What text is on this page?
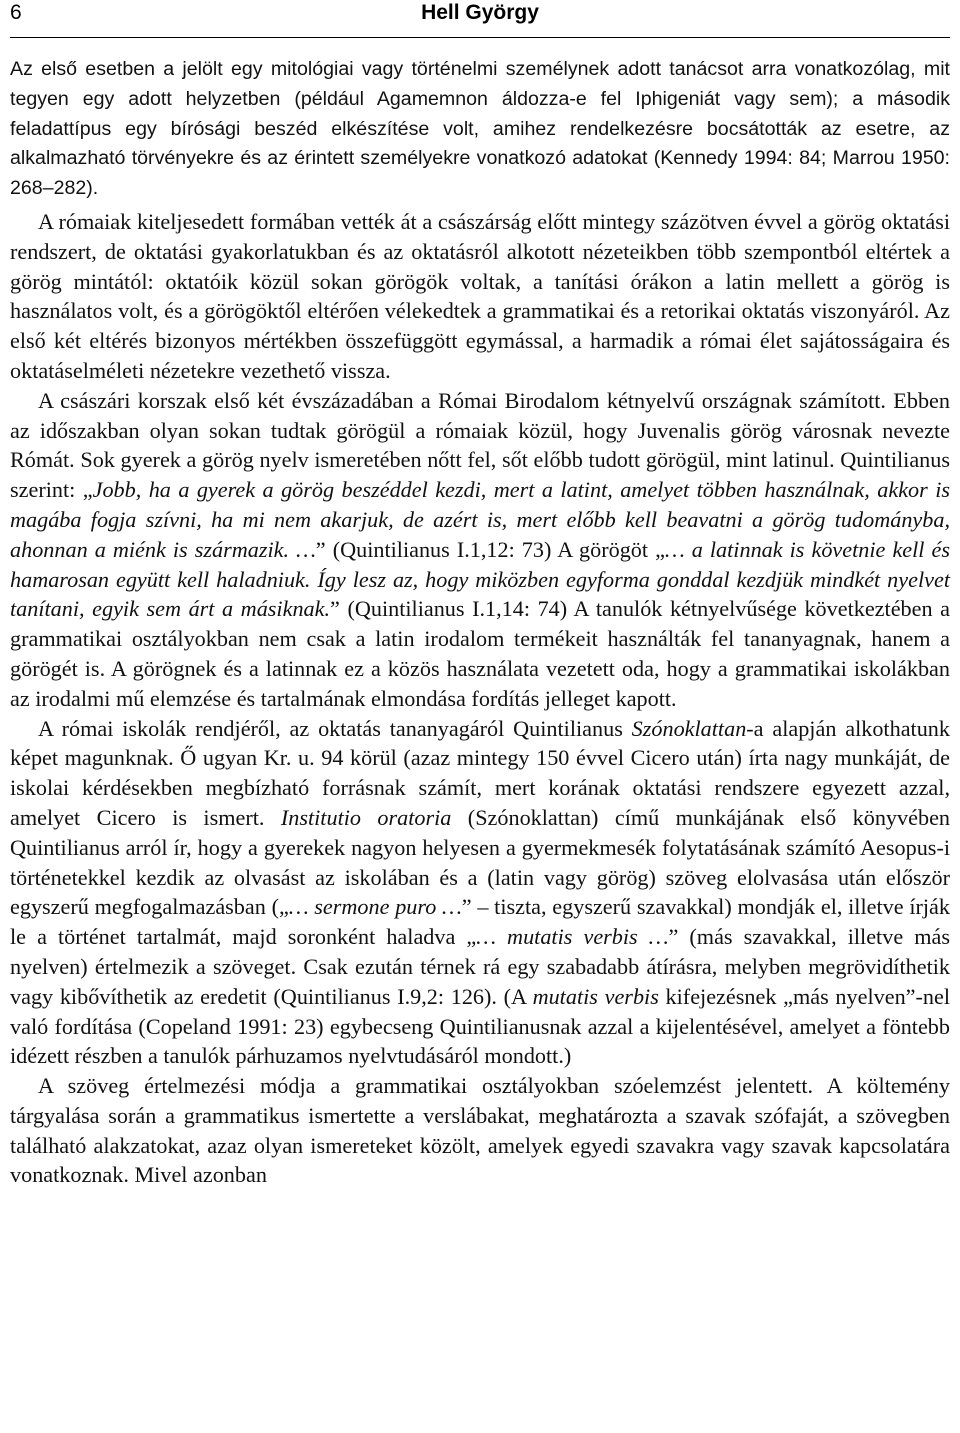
6	Hell György

Az első esetben a jelölt egy mitológiai vagy történelmi személynek adott tanácsot arra vonatkozólag, mit tegyen egy adott helyzetben (például Agamemnon áldozza-e fel Iphigeniát vagy sem); a második feladattípus egy bírósági beszéd elkészítése volt, amihez rendelkezésre bocsátották az esetre, az alkalmazható törvényekre és az érintett személyekre vonatkozó adatokat (Kennedy 1994: 84; Marrou 1950: 268–282).

A rómaiak kiteljesedett formában vették át a császárság előtt mintegy százötven évvel a görög oktatási rendszert, de oktatási gyakorlatukban és az oktatásról alkotott nézeteikben több szempontból eltértek a görög mintától: oktatóik közül sokan görögök voltak, a tanítási órákon a latin mellett a görög is használatos volt, és a görögöktől eltérően vélekedtek a grammatikai és a retorikai oktatás viszonyáról. Az első két eltérés bizonyos mértékben összefüggött egymással, a harmadik a római élet sajátosságaira és oktatáselméleti nézetekre vezethető vissza.

A császári korszak első két évszázadában a Római Birodalom kétnyelvű országnak számított. Ebben az időszakban olyan sokan tudtak görögül a rómaiak közül, hogy Juvenalis görög városnak nevezte Rómát. Sok gyerek a görög nyelv ismeretében nőtt fel, sőt előbb tudott görögül, mint latinul. Quintilianus szerint: „Jobb, ha a gyerek a görög beszéddel kezdi, mert a latint, amelyet többen használnak, akkor is magába fogja szívni, ha mi nem akarjuk, de azért is, mert előbb kell beavatni a görög tudományba, ahonnan a miénk is származik. …” (Quintilianus I.1,12: 73) A görögöt „… a latinnak is követnie kell és hamarosan együtt kell haladniuk. Így lesz az, hogy miközben egyforma gonddal kezdjük mindkét nyelvet tanítani, egyik sem árt a másiknak.” (Quintilianus I.1,14: 74) A tanulók kétnyelvűsége következtében a grammatikai osztályokban nem csak a latin irodalom termékeit használták fel tananyagnak, hanem a görögét is. A görögnek és a latinnak ez a közös használata vezetett oda, hogy a grammatikai iskolákban az irodalmi mű elemzése és tartalmának elmondása fordítás jelleget kapott.

A római iskolák rendjéről, az oktatás tananyagáról Quintilianus Szónoklattan-a alapján alkothatunk képet magunknak. Ő ugyan Kr. u. 94 körül (azaz mintegy 150 évvel Cicero után) írta nagy munkáját, de iskolai kérdésekben megbízható forrásnak számít, mert korának oktatási rendszere egyezett azzal, amelyet Cicero is ismert. Institutio oratoria (Szónoklattan) című munkájának első könyvében Quintilianus arról ír, hogy a gyerekek nagyon helyesen a gyermekmesék folytatásának számító Aesopus-i történetekkel kezdik az olvasást az iskolában és a (latin vagy görög) szöveg elolvasása után először egyszerű megfogalmazásban („… sermone puro …” – tiszta, egyszerű szavakkal) mondják el, illetve írják le a történet tartalmát, majd soronként haladva „… mutatis verbis …” (más szavakkal, illetve más nyelven) értelmezik a szöveget. Csak ezután térnek rá egy szabadabb átírásra, melyben megrövidíthetik vagy kibővíthetik az eredetit (Quintilianus I.9,2: 126). (A mutatis verbis kifejezésnek „más nyelven”-nel való fordítása (Copeland 1991: 23) egybecseng Quintilianusnak azzal a kijelentésével, amelyet a föntebb idézett részben a tanulók párhuzamos nyelvtudásáról mondott.)

A szöveg értelmezési módja a grammatikai osztályokban szóelemzést jelentett. A költemény tárgyalása során a grammatikus ismertette a verslábakat, meghatározta a szavak szófaját, a szövegben található alakzatokat, azaz olyan ismereteket közölt, amelyek egyedi szavakra vagy szavak kapcsolatára vonatkoznak. Mivel azonban
